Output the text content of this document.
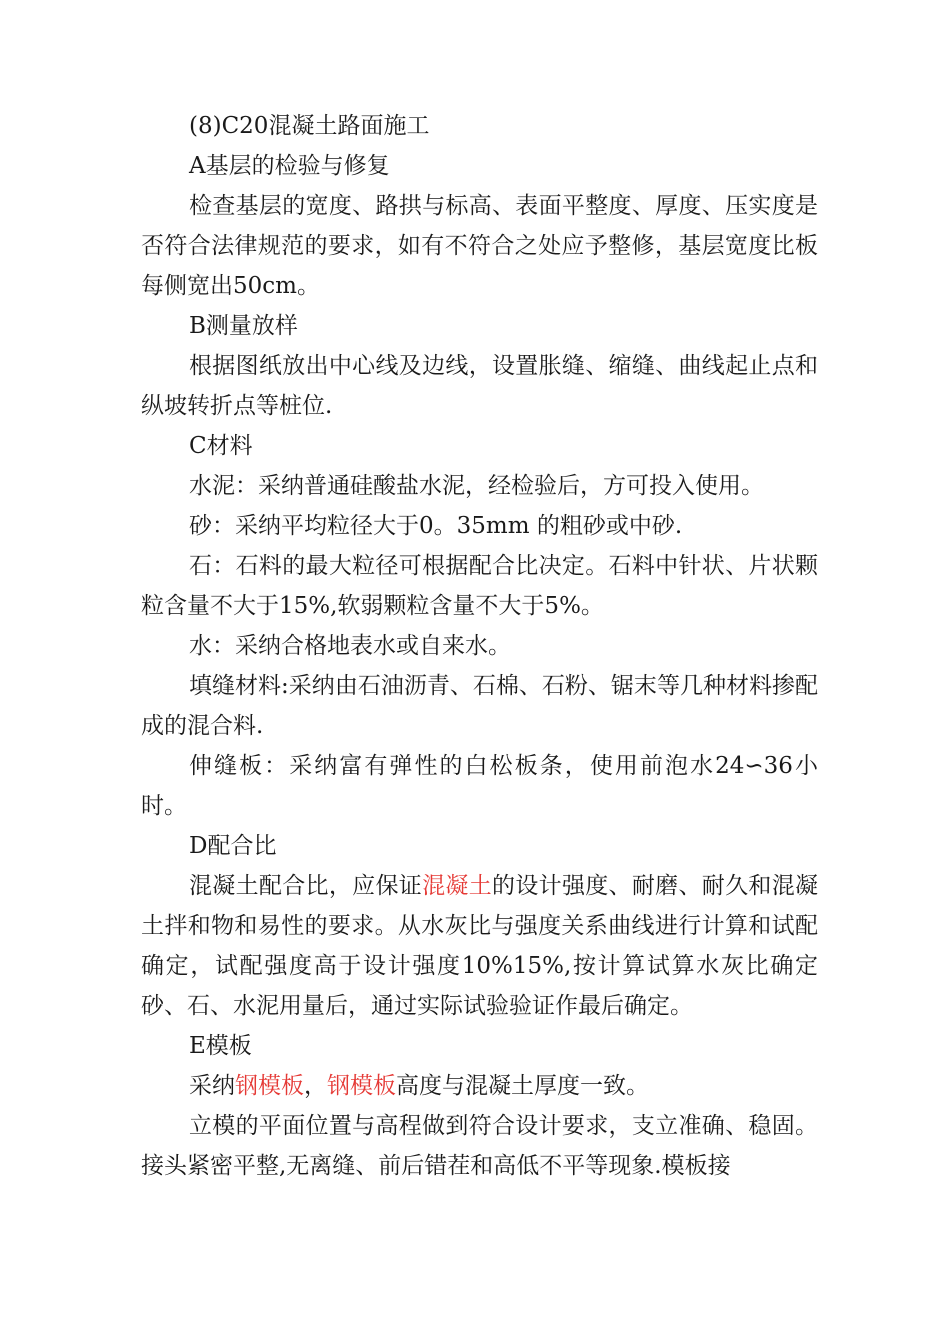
(8)C20混凝土路面施工

A基层的检验与修复

检查基层的宽度、路拱与标高、表面平整度、厚度、压实度是否符合法律规范的要求，如有不符合之处应予整修，基层宽度比板每侧宽出50cm。

B测量放样

根据图纸放出中心线及边线，设置胀缝、缩缝、曲线起止点和纵坡转折点等桩位.

C材料

水泥：采纳普通硅酸盐水泥，经检验后，方可投入使用。

砂：采纳平均粒径大于0。35mm 的粗砂或中砂.

石：石料的最大粒径可根据配合比决定。石料中针状、片状颗粒含量不大于15%,软弱颗粒含量不大于5%。

水：采纳合格地表水或自来水。

填缝材料:采纳由石油沥青、石棉、石粉、锯末等几种材料掺配成的混合料.

伸缝板：采纳富有弹性的白松板条，使用前泡水24∽36小时。

D配合比

混凝土配合比，应保证混凝土的设计强度、耐磨、耐久和混凝土拌和物和易性的要求。从水灰比与强度关系曲线进行计算和试配确定，试配强度高于设计强度10%15%,按计算试算水灰比确定砂、石、水泥用量后，通过实际试验验证作最后确定。

E模板

采纳钢模板，钢模板高度与混凝土厚度一致。

立模的平面位置与高程做到符合设计要求，支立准确、稳固。接头紧密平整,无离缝、前后错茬和高低不平等现象.模板接
